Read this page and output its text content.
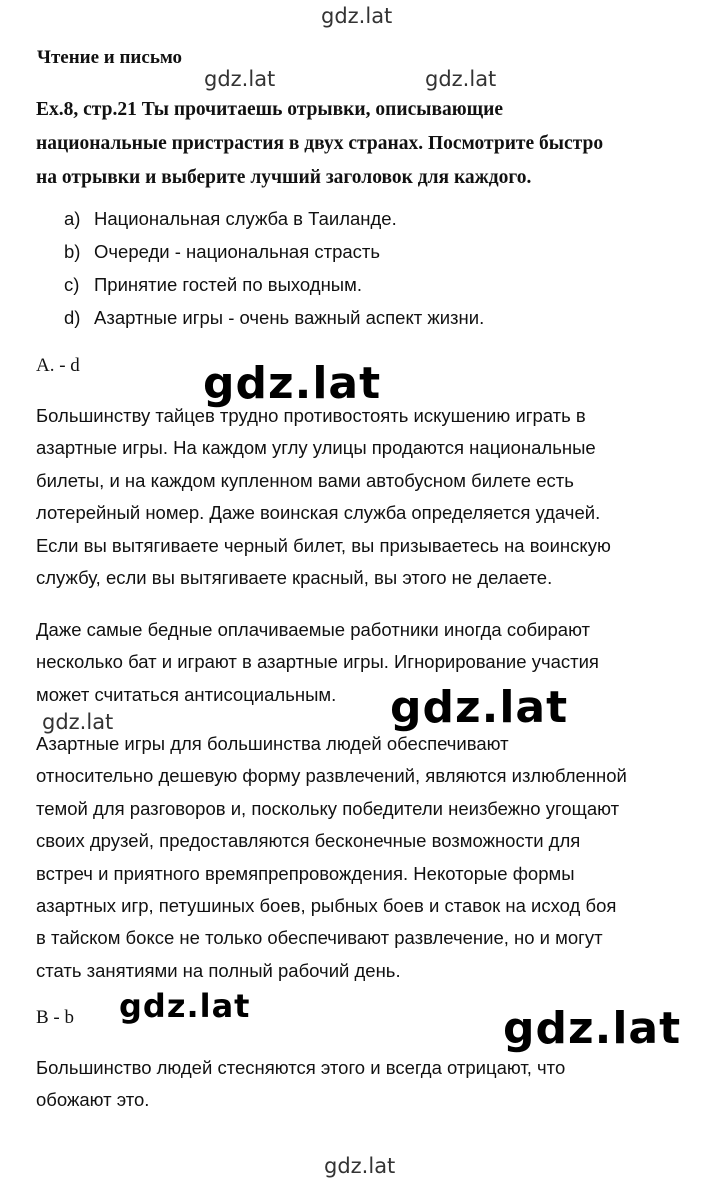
gdz.lat
gdz.lat	gdz.lat
gdz.lat
gdz.lat
gdz.lat
gdz.lat	gdz.lat
gdz.lat
Чтение и письмо
Ex.8, стр.21 Ты прочитаешь отрывки, описывающие
национальные пристрастия в двух странах. Посмотрите быстро
на отрывки и выберите лучший заголовок для каждого.
a) Национальная служба в Таиланде.
b) Очереди - национальная страсть
c) Принятие гостей по выходным.
d) Азартные игры - очень важный аспект жизни.
A. - d
Большинству тайцев трудно противостоять искушению играть в
азартные игры. На каждом углу улицы продаются национальные
билеты, и на каждом купленном вами автобусном билете есть
лотерейный номер. Даже воинская служба определяется удачей.
Если вы вытягиваете черный билет, вы призываетесь на воинскую
службу, если вы вытягиваете красный, вы этого не делаете.
Даже самые бедные оплачиваемые работники иногда собирают
несколько бат и играют в азартные игры. Игнорирование участия
может считаться антисоциальным.
Азартные игры для большинства людей обеспечивают
относительно дешевую форму развлечений, являются излюбленной
темой для разговоров и, поскольку победители неизбежно угощают
своих друзей, предоставляются бесконечные возможности для
встреч и приятного времяпрепровождения. Некоторые формы
азартных игр, петушиных боев, рыбных боев и ставок на исход боя
в тайском боксе не только обеспечивают развлечение, но и могут
стать занятиями на полный рабочий день.
B - b
Большинство людей стесняются этого и всегда отрицают, что
обожают это.
